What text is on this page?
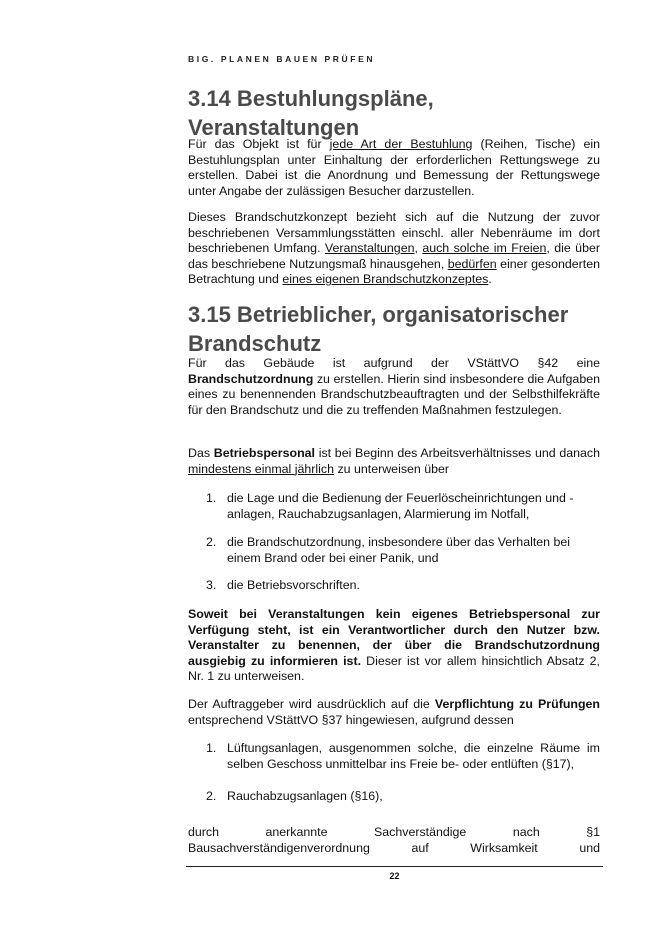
BIG. PLANEN BAUEN PRÜFEN
3.14 Bestuhlungspläne,
Veranstaltungen

Für das Objekt ist für jede Art der Bestuhlung (Reihen, Tische) ein Bestuhlungsplan unter Einhaltung der erforderlichen Rettungswege zu erstellen. Dabei ist die Anordnung und Bemessung der Rettungswege unter Angabe der zulässigen Besucher darzustellen.

Dieses Brandschutzkonzept bezieht sich auf die Nutzung der zuvor beschriebenen Versammlungsstätten einschl. aller Nebenräume im dort beschriebenen Umfang. Veranstaltungen, auch solche im Freien, die über das beschriebene Nutzungsmaß hinausgehen, bedürfen einer gesonderten Betrachtung und eines eigenen Brandschutzkonzeptes.

3.15 Betrieblicher, organisatorischer
Brandschutz

Für das Gebäude ist aufgrund der VStättVO §42 eine Brandschutzordnung zu erstellen. Hierin sind insbesondere die Aufgaben eines zu benennenden Brandschutzbeauftragten und der Selbsthilfekräfte für den Brandschutz und die zu treffenden Maßnahmen festzulegen.

Das Betriebspersonal ist bei Beginn des Arbeitsverhältnisses und danach mindestens einmal jährlich zu unterweisen über

1. die Lage und die Bedienung der Feuerlöscheinrichtungen und -anlagen, Rauchabzugsanlagen, Alarmierung im Notfall,
2. die Brandschutzordnung, insbesondere über das Verhalten bei einem Brand oder bei einer Panik, und
3. die Betriebsvorschriften.

Soweit bei Veranstaltungen kein eigenes Betriebspersonal zur Verfügung steht, ist ein Verantwortlicher durch den Nutzer bzw. Veranstalter zu benennen, der über die Brandschutzordnung ausgiebig zu informieren ist. Dieser ist vor allem hinsichtlich Absatz 2, Nr. 1 zu unterweisen.

Der Auftraggeber wird ausdrücklich auf die Verpflichtung zu Prüfungen entsprechend VStättVO §37 hingewiesen, aufgrund dessen

1. Lüftungsanlagen, ausgenommen solche, die einzelne Räume im selben Geschoss unmittelbar ins Freie be- oder entlüften (§17),
2. Rauchabzugsanlagen (§16),

durch anerkannte Sachverständige nach §1 Bausachverständigenverordnung auf Wirksamkeit und

22
